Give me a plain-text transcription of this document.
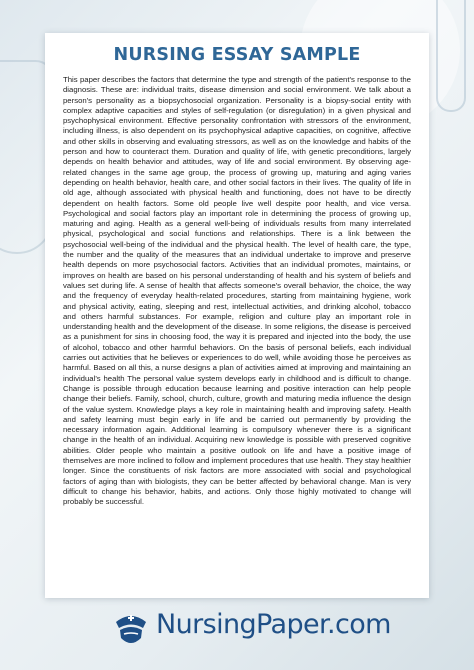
NURSING ESSAY SAMPLE

This paper describes the factors that determine the type and strength of the patient's response to the diagnosis. These are: individual traits, disease dimension and social environment. We talk about a person's personality as a biopsychosocial organization. Personality is a biopsy-social entity with complex adaptive capacities and styles of self-regulation (or disregulation) in a given physical and psychophysical environment. Effective personality confrontation with stressors of the environment, including illness, is also dependent on its psychophysical adaptive capacities, on cognitive, affective and other skills in observing and evaluating stressors, as well as on the knowledge and habits of the person and how to counteract them. Duration and quality of life, with genetic preconditions, largely depends on health behavior and attitudes, way of life and social environment. By observing age-related changes in the same age group, the process of growing up, maturing and aging varies depending on health behavior, health care, and other social factors in their lives. The quality of life in old age, although associated with physical health and functioning, does not have to be directly dependent on health factors. Some old people live well despite poor health, and vice versa. Psychological and social factors play an important role in determining the process of growing up, maturing and aging. Health as a general well-being of individuals results from many interrelated physical, psychological and social functions and relationships. There is a link between the psychosocial well-being of the individual and the physical health. The level of health care, the type, the number and the quality of the measures that an individual undertake to improve and preserve health depends on more psychosocial factors. Activities that an individual promotes, maintains, or improves on health are based on his personal understanding of health and his system of beliefs and values set during life. A sense of health that affects someone's overall behavior, the choice, the way and the frequency of everyday health-related procedures, starting from maintaining hygiene, work and physical activity, eating, sleeping and rest, intellectual activities, and drinking alcohol, tobacco and others harmful substances. For example, religion and culture play an important role in understanding health and the development of the disease. In some religions, the disease is perceived as a punishment for sins in choosing food, the way it is prepared and injected into the body, the use of alcohol, tobacco and other harmful behaviors. On the basis of personal beliefs, each individual carries out activities that he believes or experiences to do well, while avoiding those he perceives as harmful. Based on all this, a nurse designs a plan of activities aimed at improving and maintaining an individual's health The personal value system develops early in childhood and is difficult to change. Change is possible through education because learning and positive interaction can help people change their beliefs. Family, school, church, culture, growth and maturing media influence the design of the value system. Knowledge plays a key role in maintaining health and improving safety. Health and safety learning must begin early in life and be carried out permanently by providing the necessary information again. Additional learning is compulsory whenever there is a significant change in the health of an individual. Acquiring new knowledge is possible with preserved cognitive abilities. Older people who maintain a positive outlook on life and have a positive image of themselves are more inclined to follow and implement procedures that use health. They stay healthier longer. Since the constituents of risk factors are more associated with social and psychological factors of aging than with biologists, they can be better affected by behavioral change. Man is very difficult to change his behavior, habits, and actions. Only those highly motivated to change will probably be successful.

NursingPaper.com
